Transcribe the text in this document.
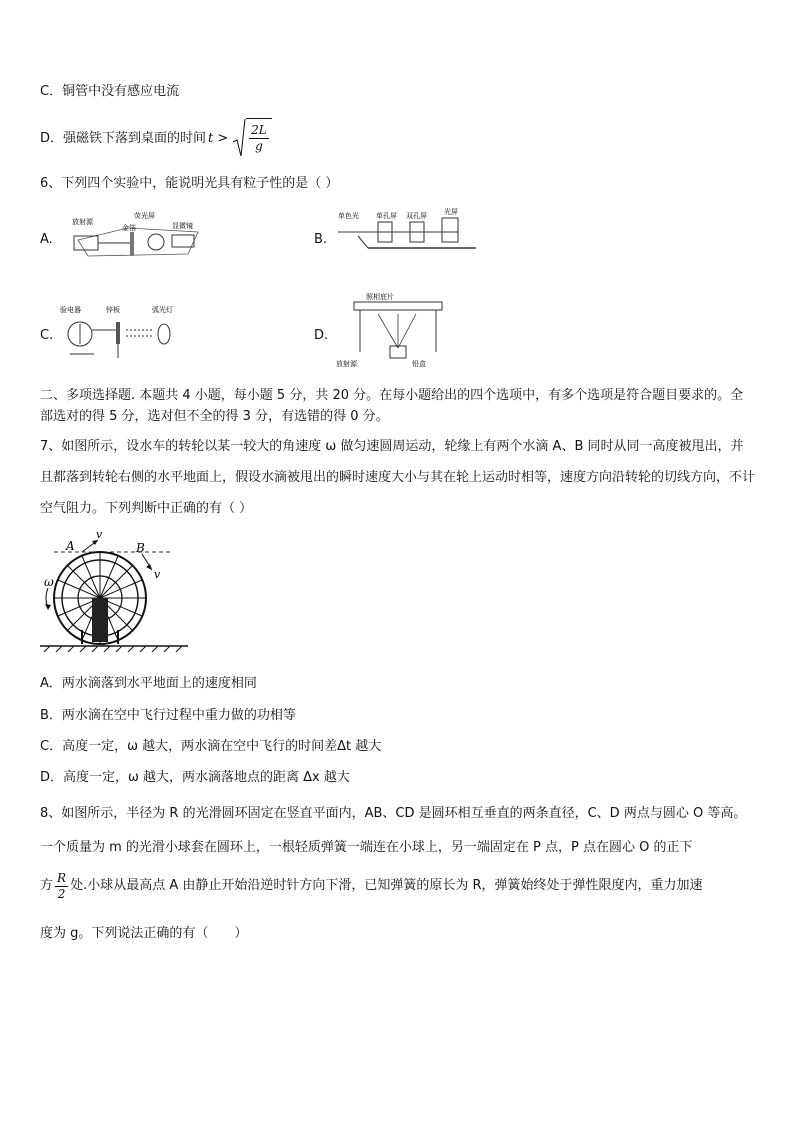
C．铜管中没有感应电流
D．强磁铁下落到桌面的时间 $t > \frac{2L}{g}$
6、下列四个实验中，能说明光具有粒子性的是（ ）
A.
放射源
荧光屏
金箔	显微镜
B.
单色光 单孔屏 双孔屏 光屏
C.
验电器	锌板	弧光灯
D.
照相底片
放射源	铅盒
二、多项选择题. 本题共 4 小题，每小题 5 分，共 20 分。在每小题给出的四个选项中，有多个选项是符合题目要求的。全部选对的得 5 分，选对但不全的得 3 分，有选错的得 0 分。
7、如图所示，设水车的转轮以某一较大的角速度 ω 做匀速圆周运动，轮缘上有两个水滴 A、B 同时从同一高度被甩出，并且都落到转轮右侧的水平地面上，假设水滴被甩出的瞬时速度大小与其在轮上运动时相等，速度方向沿转轮的切线方向，不计空气阻力。下列判断中正确的有（ ）
A	B
v
v
ω
A．两水滴落到水平地面上的速度相同
B．两水滴在空中飞行过程中重力做的功相等
C．高度一定，ω 越大，两水滴在空中飞行的时间差Δt 越大
D．高度一定，ω 越大，两水滴落地点的距离 Δx 越大
8、如图所示，半径为 R 的光滑圆环固定在竖直平面内，AB、CD 是圆环相互垂直的两条直径，C、D 两点与圆心 O 等高。一个质量为 m 的光滑小球套在圆环上，一根轻质弹簧一端连在小球上，另一端固定在 P 点，P 点在圆心 O 的正下
方 $\frac{R}{2}$ 处.小球从最高点 A 由静止开始沿逆时针方向下滑，已知弹簧的原长为 R，弹簧始终处于弹性限度内，重力加速
度为 g。下列说法正确的有（　　）
